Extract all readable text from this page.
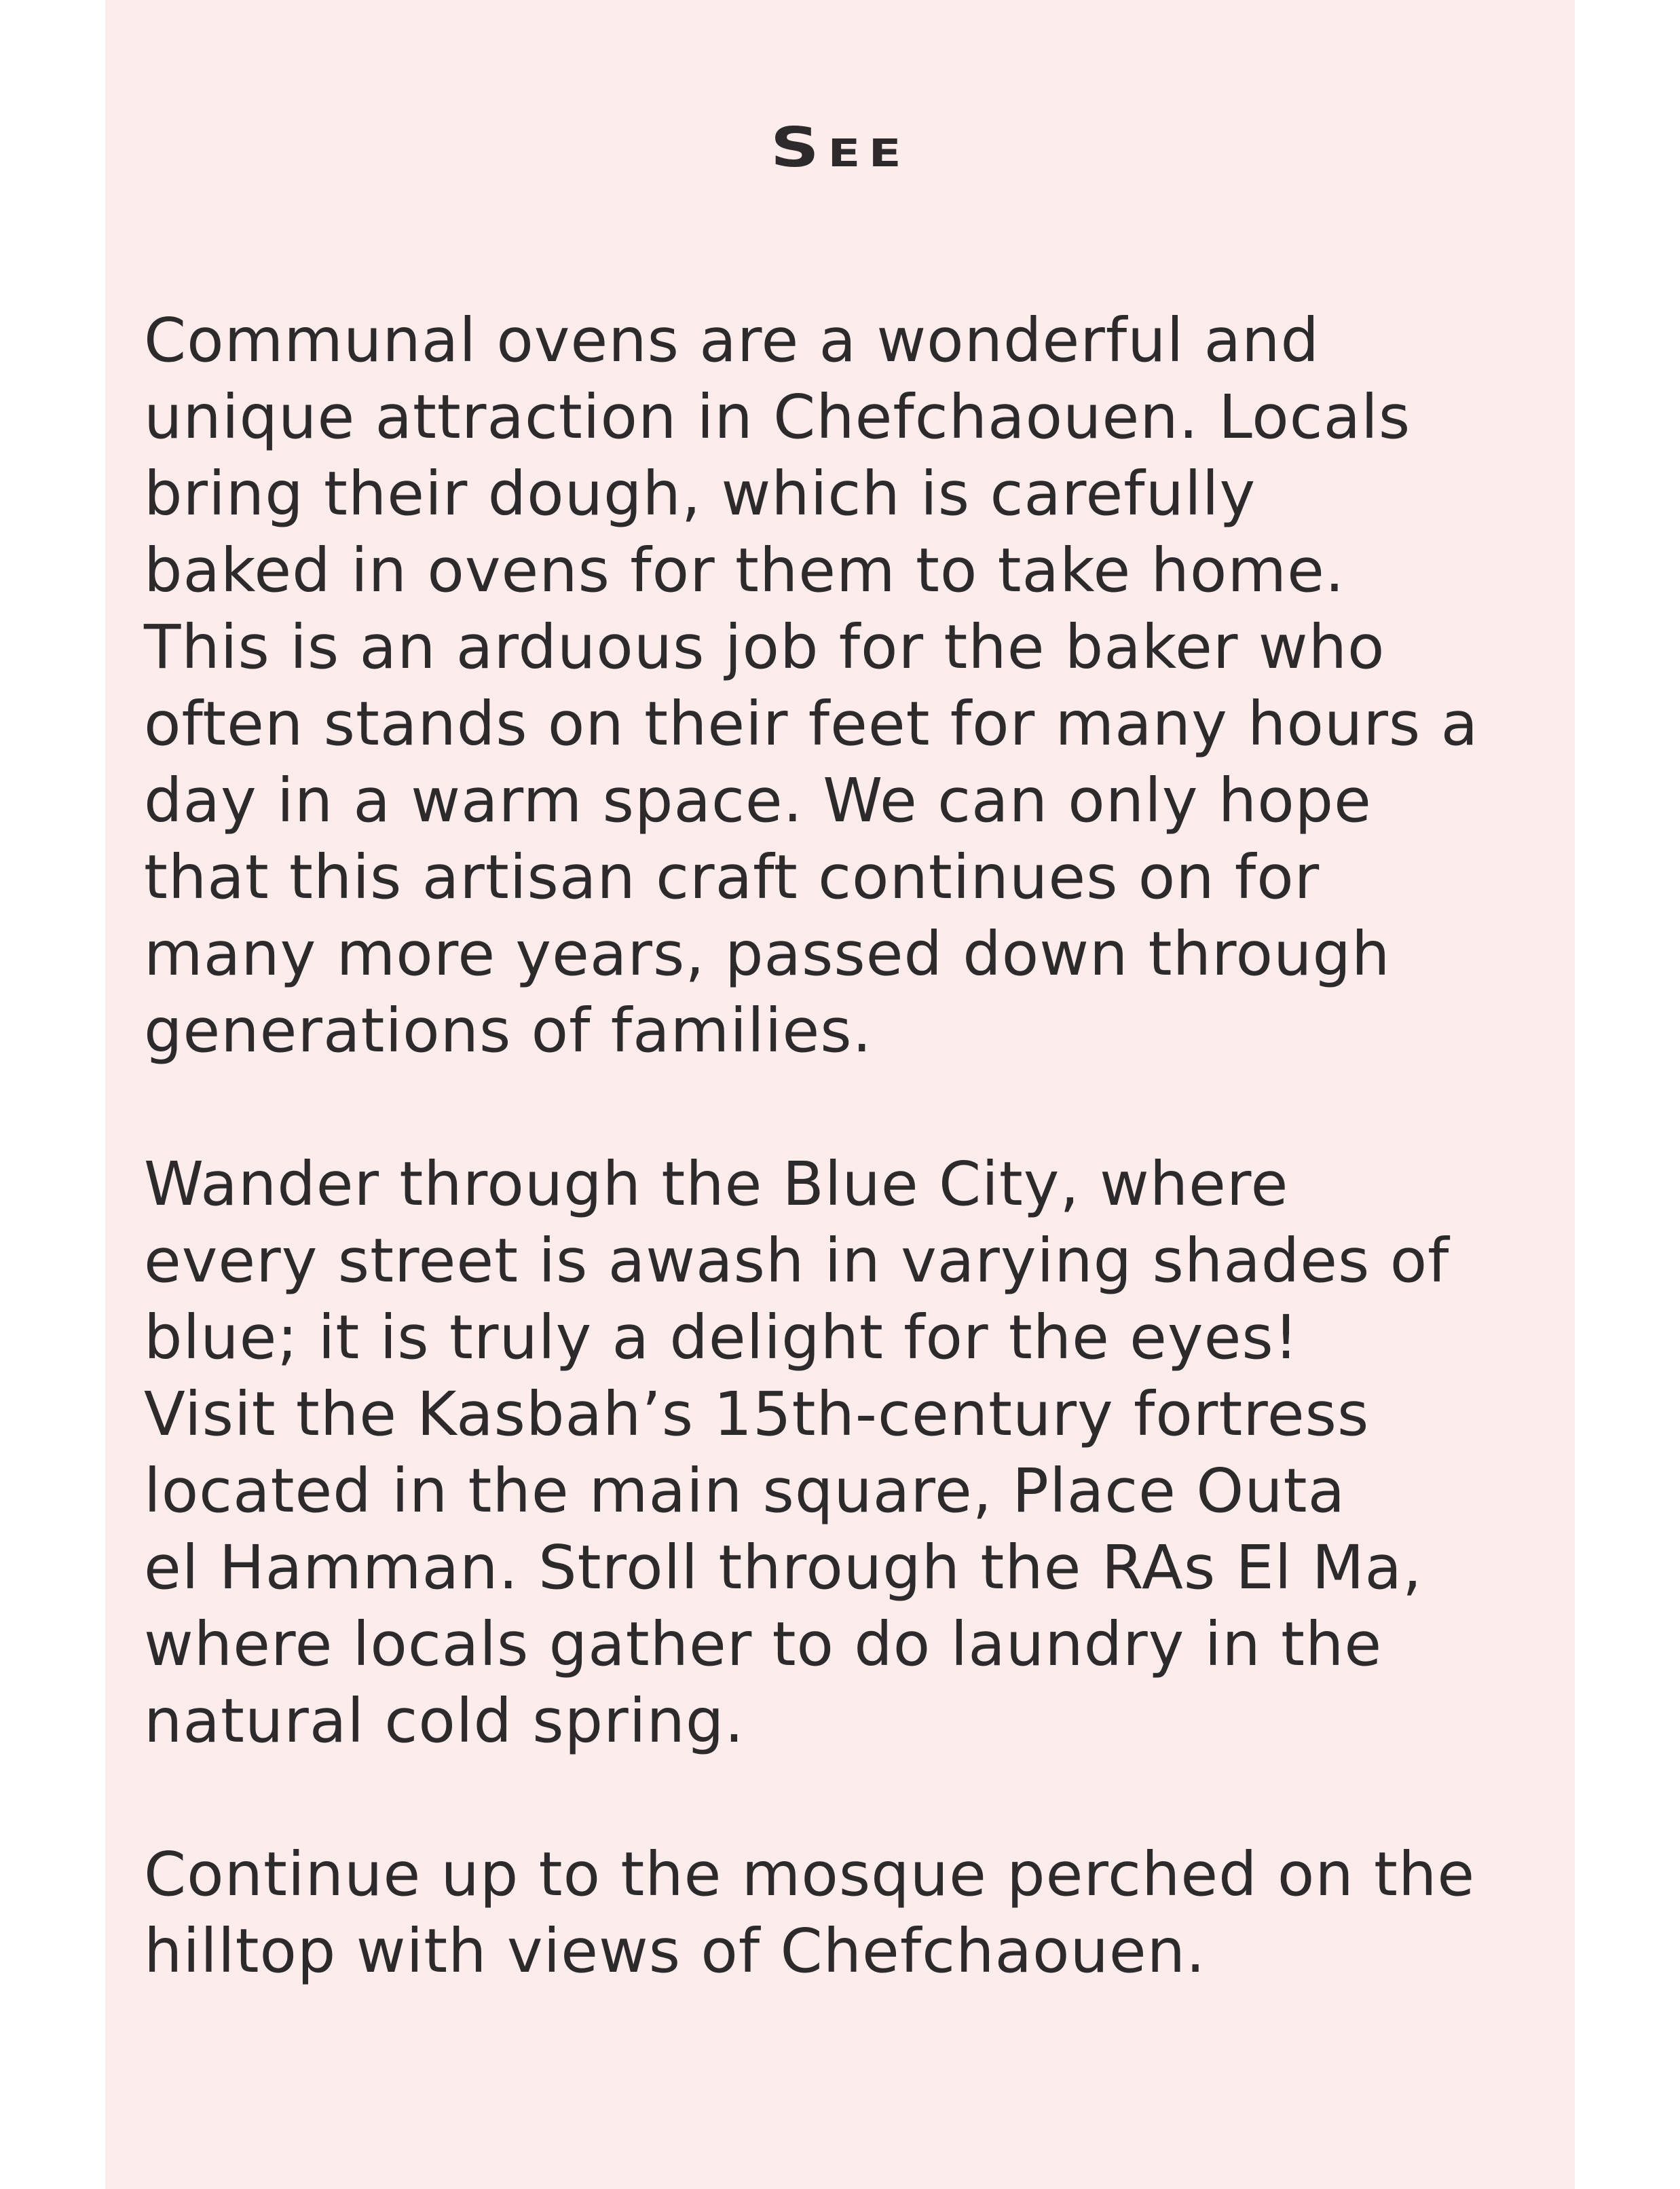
See
Communal ovens are a wonderful and
unique attraction in Chefchaouen. Locals
bring their dough, which is carefully
baked in ovens for them to take home.
This is an arduous job for the baker who
often stands on their feet for many hours a
day in a warm space. We can only hope
that this artisan craft continues on for
many more years, passed down through
generations of families.
Wander through the Blue City, where
every street is awash in varying shades of
blue; it is truly a delight for the eyes!
Visit the Kasbah’s 15th-century fortress
located in the main square, Place Outa
el Hamman. Stroll through the RAs El Ma,
where locals gather to do laundry in the
natural cold spring.
Continue up to the mosque perched on the
hilltop with views of Chefchaouen.
